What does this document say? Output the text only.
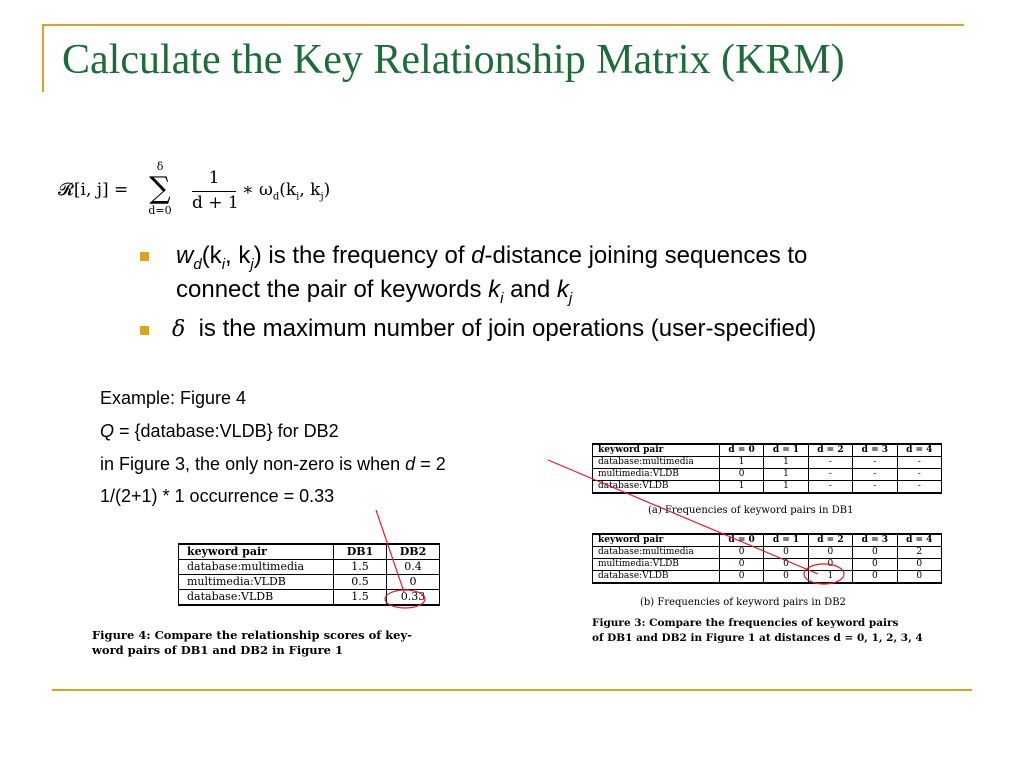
Calculate the Key Relationship Matrix (KRM)
𝓡[i, j] =
δ
∑
d=0
1
d + 1
∗ $\omega_d(k_i$, $k_j$)
$w_d(k_i$, $k_j$) is the frequency of d-distance joining sequences to
connect the pair of keywords $k_i$ and $k_j$
δ is the maximum number of join operations (user-specified)
Example: Figure 4
Q = {database:VLDB} for DB2
in Figure 3, the only non-zero is when d = 2
1/(2+1) * 1 occurrence = 0.33
keyword pair	DB1	DB2
database:multimedia	1.5	0.4
multimedia:VLDB	0.5	0
database:VLDB	1.5	0.33
Figure 4: Compare the relationship scores of key-
word pairs of DB1 and DB2 in Figure 1
keyword pair	d = 0	d = 1	d = 2	d = 3	d = 4
database:multimedia	1	1	-	-	-
multimedia:VLDB	0	1	-	-	-
database:VLDB	1	1	-	-	-
(a) Frequencies of keyword pairs in DB1
keyword pair	d = 0	d = 1	d = 2	d = 3	d = 4
database:multimedia	0	0	0	0	2
multimedia:VLDB	0	0	0	0	0
database:VLDB	0	0	1	0	0
(b) Frequencies of keyword pairs in DB2
Figure 3: Compare the frequencies of keyword pairs
of DB1 and DB2 in Figure 1 at distances d = 0, 1, 2, 3, 4
